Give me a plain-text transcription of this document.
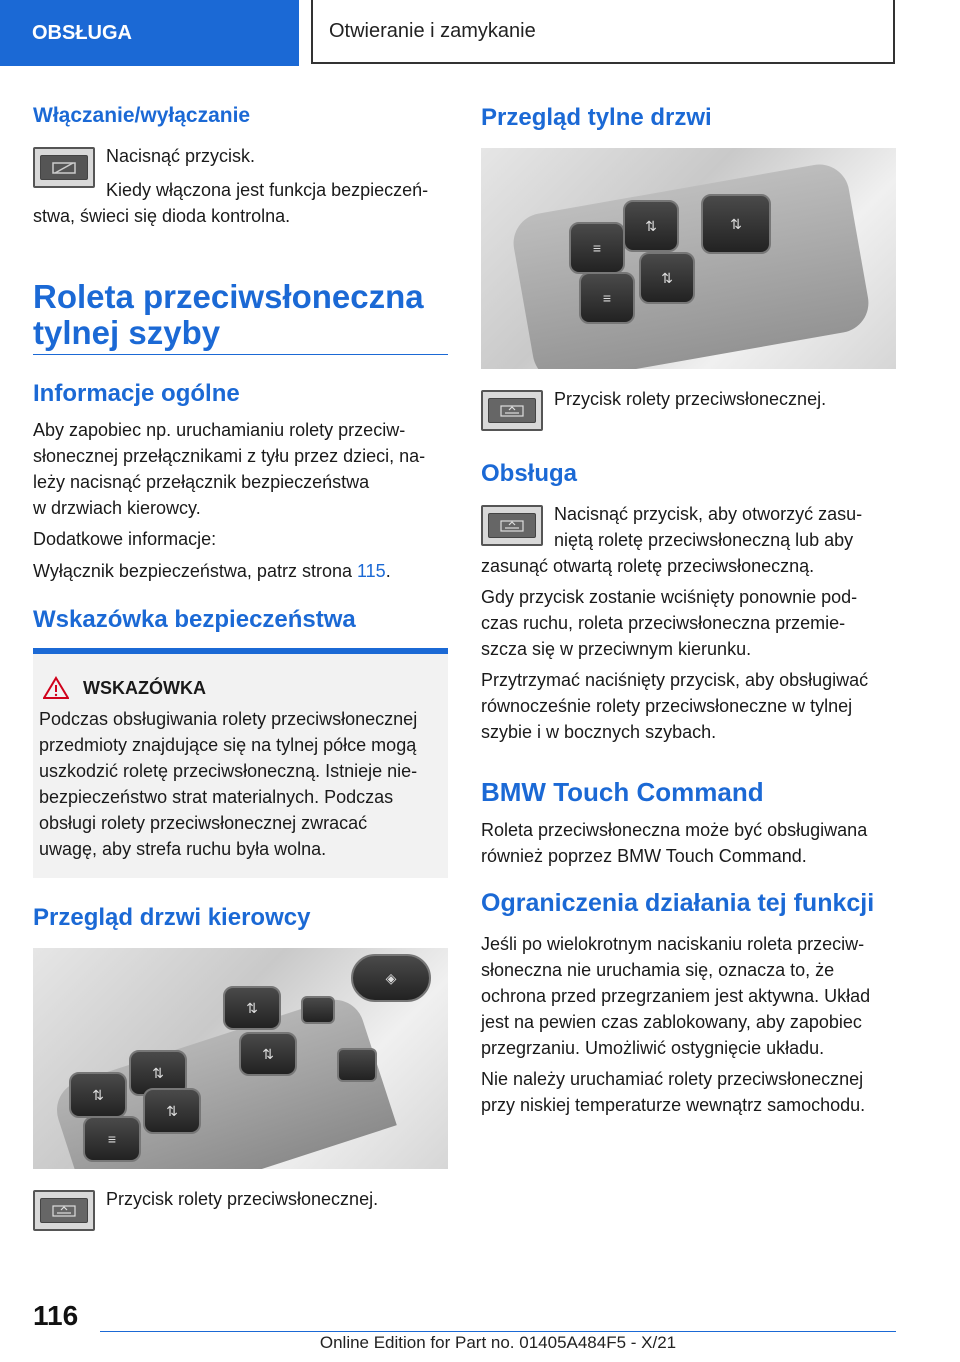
OBSŁUGA	Otwieranie i zamykanie
Włączanie/wyłączanie

Nacisnąć przycisk.

Kiedy włączona jest funkcja bezpieczeń‐

stwa, świeci się dioda kontrolna.

Roleta przeciwsłoneczna
tylnej szyby
Informacje ogólne

Aby zapobiec np. uruchamianiu rolety przeciw‐

słonecznej przełącznikami z tyłu przez dzieci, na‐

leży nacisnąć przełącznik bezpieczeństwa

w drzwiach kierowcy.

Dodatkowe informacje:

Wyłącznik bezpieczeństwa, patrz strona 115.

Wskazówka bezpieczeństwa
WSKAZÓWKA

Podczas obsługiwania rolety przeciwsłonecznej

przedmioty znajdujące się na tylnej półce mogą

uszkodzić roletę przeciwsłoneczną. Istnieje nie‐

bezpieczeństwo strat materialnych. Podczas

obsługi rolety przeciwsłonecznej zwracać

uwagę, aby strefa ruchu była wolna.

Przegląd drzwi kierowcy
⇅
≡
⇅
⇅
⇅
⇅
◈

Przycisk rolety przeciwsłonecznej.

Przegląd tylne drzwi
≡
⇅
≡
⇅
⇅

Przycisk rolety przeciwsłonecznej.

Obsługa

Nacisnąć przycisk, aby otworzyć zasu‐

niętą roletę przeciwsłoneczną lub aby

zasunąć otwartą roletę przeciwsłoneczną.

Gdy przycisk zostanie wciśnięty ponownie pod‐

czas ruchu, roleta przeciwsłoneczna przemie‐

szcza się w przeciwnym kierunku.

Przytrzymać naciśnięty przycisk, aby obsługiwać

równocześnie rolety przeciwsłoneczne w tylnej

szybie i w bocznych szybach.

BMW Touch Command

Roleta przeciwsłoneczna może być obsługiwana

również poprzez BMW Touch Command.

Ograniczenia działania tej funkcji

Jeśli po wielokrotnym naciskaniu roleta przeciw‐

słoneczna nie uruchamia się, oznacza to, że

ochrona przed przegrzaniem jest aktywna. Układ

jest na pewien czas zablokowany, aby zapobiec

przegrzaniu. Umożliwić ostygnięcie układu.

Nie należy uruchamiać rolety przeciwsłonecznej

przy niskiej temperaturze wewnątrz samochodu.

116
Online Edition for Part no. 01405A484F5 - X/21
